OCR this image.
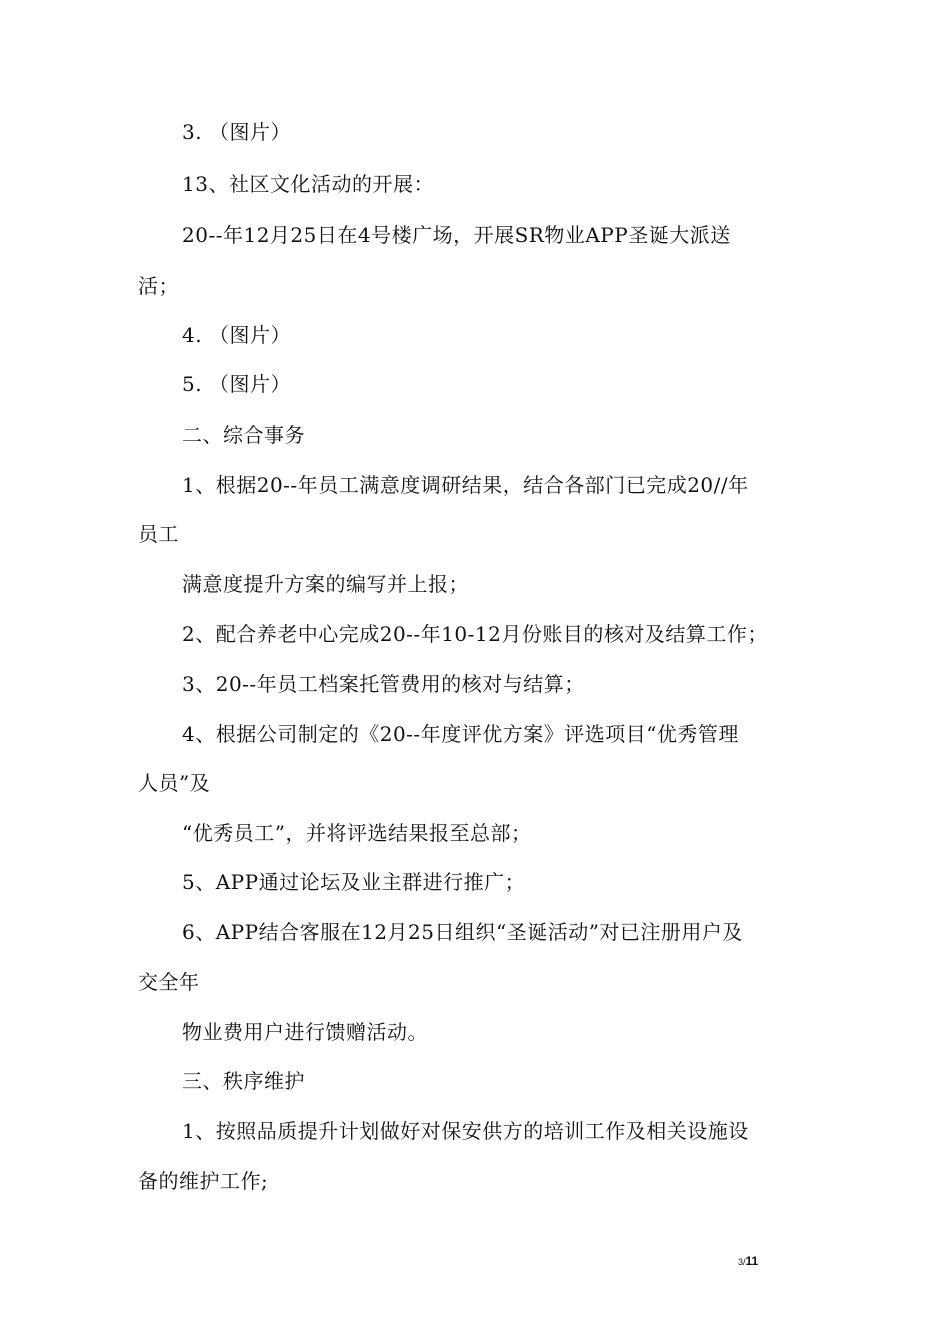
3. （图片）
13、社区文化活动的开展：
20--年12月25日在4号楼广场，开展SR物业APP圣诞大派送
活；
4. （图片）
5. （图片）
二、综合事务
1、根据20--年员工满意度调研结果，结合各部门已完成20//年
员工
满意度提升方案的编写并上报；
2、配合养老中心完成20--年10-12月份账目的核对及结算工作；
3、20--年员工档案托管费用的核对与结算；
4、根据公司制定的《20--年度评优方案》评选项目“优秀管理
人员”及
“优秀员工”，并将评选结果报至总部；
5、APP通过论坛及业主群进行推广；
6、APP结合客服在12月25日组织“圣诞活动”对已注册用户及
交全年
物业费用户进行馈赠活动。
三、秩序维护
1、按照品质提升计划做好对保安供方的培训工作及相关设施设
备的维护工作;
3/11
